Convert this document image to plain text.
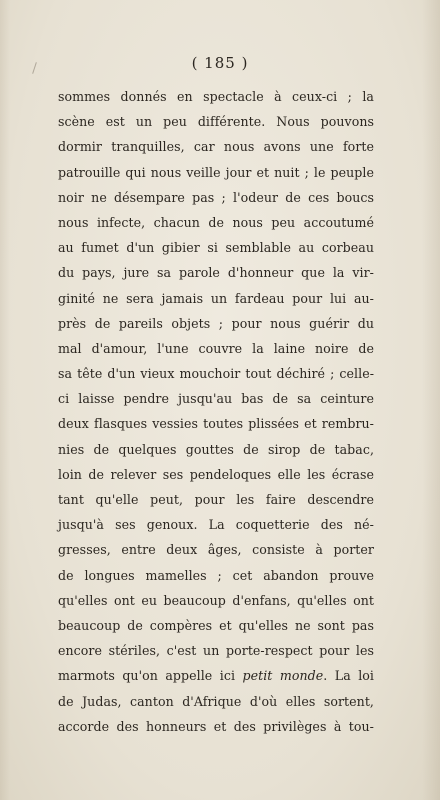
( 185 )
sommes donnés en spectacle à ceux-ci ; la
scène est un peu différente. Nous pouvons
dormir tranquilles, car nous avons une forte
patrouille qui nous veille jour et nuit ; le peuple
noir ne désempare pas ; l'odeur de ces boucs
nous infecte, chacun de nous peu accoutumé
au fumet d'un gibier si semblable au corbeau
du pays, jure sa parole d'honneur que la vir-
ginité ne sera jamais un fardeau pour lui au-
près de pareils objets ; pour nous guérir du
mal d'amour, l'une couvre la laine noire de
sa tête d'un vieux mouchoir tout déchiré ; celle-
ci laisse pendre jusqu'au bas de sa ceinture
deux flasques vessies toutes plissées et rembru-
nies de quelques gouttes de sirop de tabac,
loin de relever ses pendeloques elle les écrase
tant qu'elle peut, pour les faire descendre
jusqu'à ses genoux. La coquetterie des né-
gresses, entre deux âges, consiste à porter
de longues mamelles ; cet abandon prouve
qu'elles ont eu beaucoup d'enfans, qu'elles ont
beaucoup de compères et qu'elles ne sont pas
encore stériles, c'est un porte-respect pour les
marmots qu'on appelle ici petit monde. La loi
de Judas, canton d'Afrique d'où elles sortent,
accorde des honneurs et des privilèges à tou-
